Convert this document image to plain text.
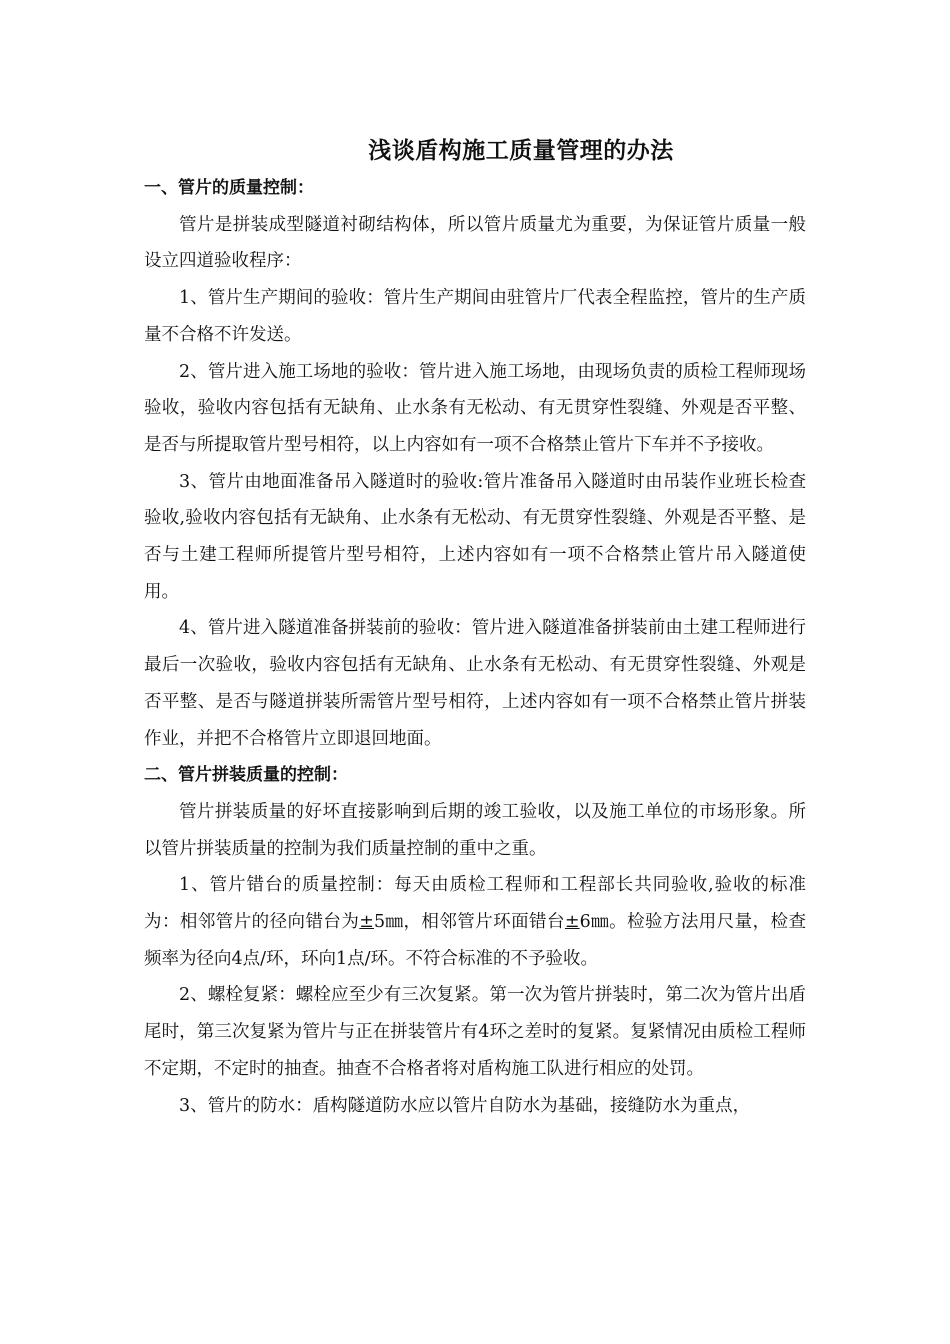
浅谈盾构施工质量管理的办法

一、管片的质量控制：

管片是拼装成型隧道衬砌结构体，所以管片质量尤为重要，为保证管片质量一般设立四道验收程序：

1、管片生产期间的验收：管片生产期间由驻管片厂代表全程监控，管片的生产质量不合格不许发送。

2、管片进入施工场地的验收：管片进入施工场地，由现场负责的质检工程师现场验收，验收内容包括有无缺角、止水条有无松动、有无贯穿性裂缝、外观是否平整、是否与所提取管片型号相符，以上内容如有一项不合格禁止管片下车并不予接收。

3、管片由地面准备吊入隧道时的验收:管片准备吊入隧道时由吊装作业班长检查验收,验收内容包括有无缺角、止水条有无松动、有无贯穿性裂缝、外观是否平整、是否与土建工程师所提管片型号相符，上述内容如有一项不合格禁止管片吊入隧道使用。

4、管片进入隧道准备拼装前的验收：管片进入隧道准备拼装前由土建工程师进行最后一次验收，验收内容包括有无缺角、止水条有无松动、有无贯穿性裂缝、外观是否平整、是否与隧道拼装所需管片型号相符，上述内容如有一项不合格禁止管片拼装作业，并把不合格管片立即退回地面。

二、管片拼装质量的控制：

管片拼装质量的好坏直接影响到后期的竣工验收，以及施工单位的市场形象。所以管片拼装质量的控制为我们质量控制的重中之重。

1、管片错台的质量控制：每天由质检工程师和工程部长共同验收,验收的标准为：相邻管片的径向错台为±5㎜，相邻管片环面错台±6㎜。检验方法用尺量，检查频率为径向4点/环，环向1点/环。不符合标准的不予验收。

2、螺栓复紧：螺栓应至少有三次复紧。第一次为管片拼装时，第二次为管片出盾尾时，第三次复紧为管片与正在拼装管片有4环之差时的复紧。复紧情况由质检工程师不定期，不定时的抽查。抽查不合格者将对盾构施工队进行相应的处罚。

3、管片的防水：盾构隧道防水应以管片自防水为基础，接缝防水为重点，
